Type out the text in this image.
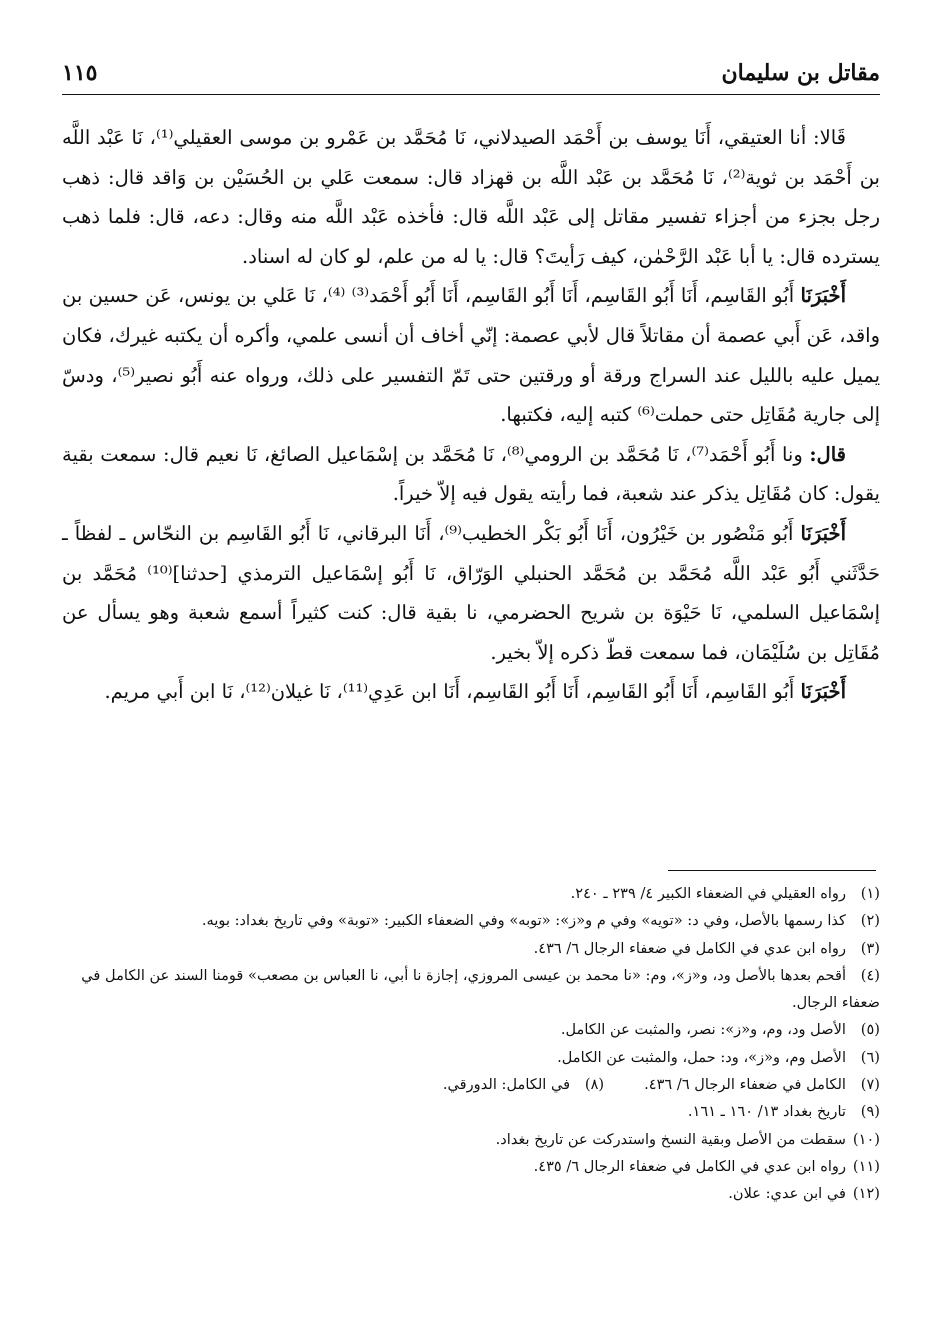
مقاتل بن سليمان
١١٥

قَالا: أنا العتيقي، أَنَا يوسف بن أَحْمَد الصيدلاني، نَا مُحَمَّد بن عَمْرو بن موسى العقيلي⁽¹⁾، نَا عَبْد اللَّه بن أَحْمَد بن ثوية⁽²⁾، نَا مُحَمَّد بن عَبْد اللَّه بن قهزاد قال: سمعت عَلي بن الحُسَيْن بن وَاقد قال: ذهب رجل بجزء من أجزاء تفسير مقاتل إلى عَبْد اللَّه قال: فأخذه عَبْد اللَّه منه وقال: دعه، قال: فلما ذهب يسترده قال: يا أبا عَبْد الرَّحْمٰن، كيف رَأيتَ؟ قال: يا له من علم، لو كان له اسناد.

أَخْبَرَنَا أَبُو القَاسِم، أَنَا أَبُو القَاسِم، أَنَا أَبُو القَاسِم، أَنَا أَبُو أَحْمَد⁽³⁾ ⁽⁴⁾، نَا عَلي بن يونس، عَن حسين بن واقد، عَن أَبي عصمة أن مقاتلاً قال لأبي عصمة: إنّي أخاف أن أنسى علمي، وأكره أن يكتبه غيرك، فكان يميل عليه بالليل عند السراج ورقة أو ورقتين حتى تَمّ التفسير على ذلك، ورواه عنه أَبُو نصير⁽⁵⁾، ودسّ إلى جارية مُقَاتِل حتى حملت⁽⁶⁾ كتبه إليه، فكتبها.

قال: ونا أَبُو أَحْمَد⁽⁷⁾، نَا مُحَمَّد بن الرومي⁽⁸⁾، نَا مُحَمَّد بن إسْمَاعيل الصائغ، نَا نعيم قال: سمعت بقية يقول: كان مُقَاتِل يذكر عند شعبة، فما رأيته يقول فيه إلاّ خيراً.

أَخْبَرَنَا أَبُو مَنْصُور بن خَيْرُون، أَنَا أَبُو بَكْر الخطيب⁽⁹⁾، أَنَا البرقاني، نَا أَبُو القَاسِم بن النحّاس ـ لفظاً ـ حَدَّثَني أَبُو عَبْد اللَّه مُحَمَّد بن مُحَمَّد الحنبلي الوَرّاق، نَا أَبُو إسْمَاعيل الترمذي [حدثنا]⁽¹⁰⁾ مُحَمَّد بن إسْمَاعيل السلمي، نَا حَيْوَة بن شريح الحضرمي، نا بقية قال: كنت كثيراً أسمع شعبة وهو يسأل عن مُقَاتِل بن سُلَيْمَان، فما سمعت قطّ ذكره إلاّ بخير.

أَخْبَرَنَا أَبُو القَاسِم، أَنَا أَبُو القَاسِم، أَنَا أَبُو القَاسِم، أَنَا ابن عَدِي⁽¹¹⁾، نَا غيلان⁽¹²⁾، نَا ابن أَبي مريم.

(١)رواه العقيلي في الضعفاء الكبير ٤/ ٢٣٩ ـ ٢٤٠.
(٢)كذا رسمها بالأصل، وفي د: «تويه» وفي م و«ز»: «توبه» وفي الضعفاء الكبير: «توبة» وفي تاريخ بغداد: بويه.
(٣)رواه ابن عدي في الكامل في ضعفاء الرجال ٦/ ٤٣٦.
(٤)أقحم بعدها بالأصل ود، و«ز»، وم: «نا محمد بن عيسى المروزي، إجازة نا أبي، نا العباس بن مصعب» قومنا السند عن الكامل في ضعفاء الرجال.
(٥)الأصل ود، وم، و«ز»: نصر، والمثبت عن الكامل.
(٦)الأصل وم، و«ز»، ود: حمل، والمثبت عن الكامل.
(٧)الكامل في ضعفاء الرجال ٦/ ٤٣٦.(٨)في الكامل: الدورقي.
(٩)تاريخ بغداد ١٣/ ١٦٠ ـ ١٦١.
(١٠)سقطت من الأصل وبقية النسخ واستدركت عن تاريخ بغداد.
(١١)رواه ابن عدي في الكامل في ضعفاء الرجال ٦/ ٤٣٥.
(١٢)في ابن عدي: علان.
